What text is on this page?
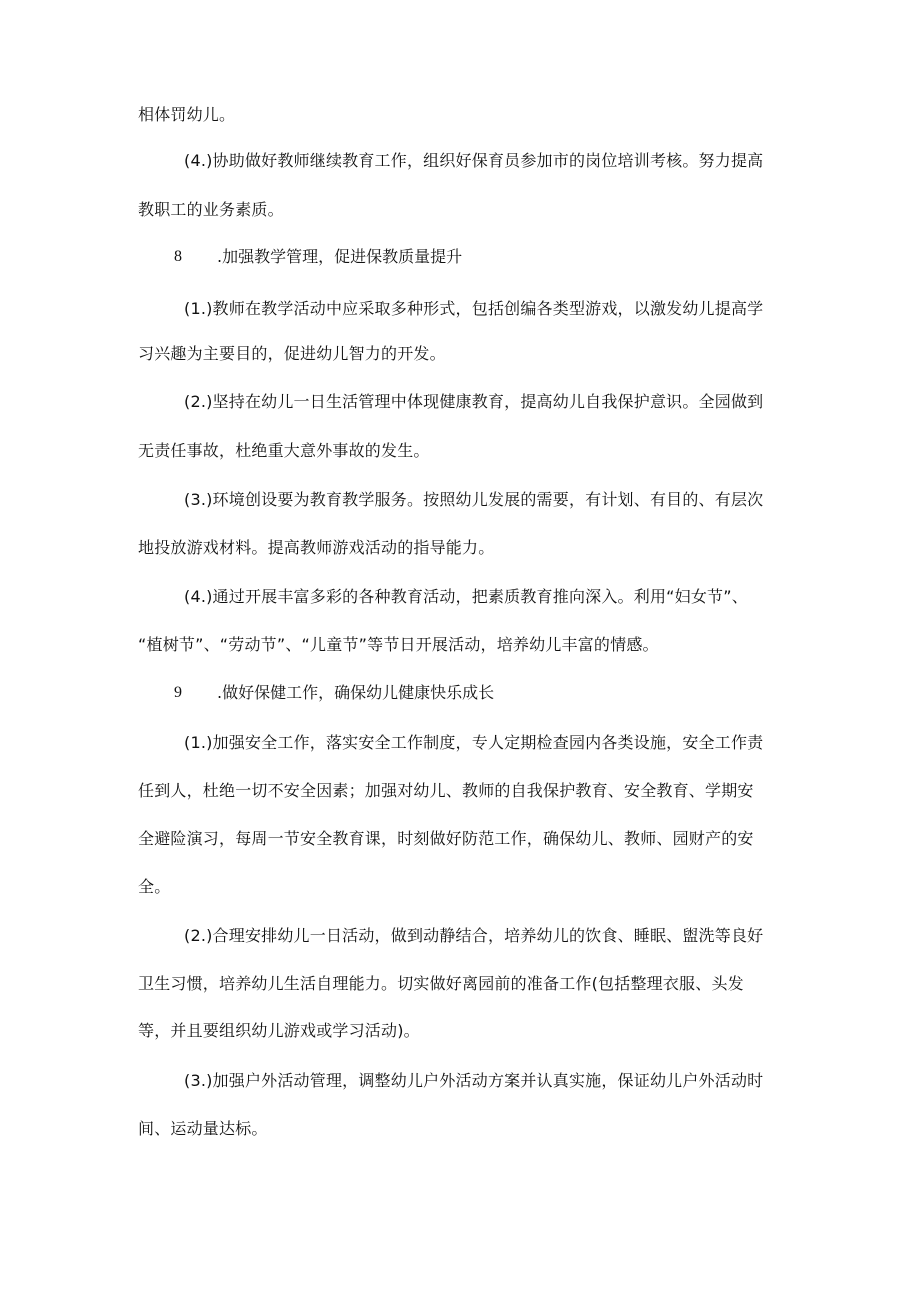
相体罚幼儿。
(4.)协助做好教师继续教育工作，组织好保育员参加市的岗位培训考核。努力提高
教职工的业务素质。
8 .加强教学管理，促进保教质量提升
(1.)教师在教学活动中应采取多种形式，包括创编各类型游戏，以激发幼儿提高学
习兴趣为主要目的，促进幼儿智力的开发。
(2.)坚持在幼儿一日生活管理中体现健康教育，提高幼儿自我保护意识。全园做到
无责任事故，杜绝重大意外事故的发生。
(3.)环境创设要为教育教学服务。按照幼儿发展的需要，有计划、有目的、有层次
地投放游戏材料。提高教师游戏活动的指导能力。
(4.)通过开展丰富多彩的各种教育活动，把素质教育推向深入。利用“妇女节”、
“植树节”、“劳动节”、“儿童节”等节日开展活动，培养幼儿丰富的情感。
9 .做好保健工作，确保幼儿健康快乐成长
(1.)加强安全工作，落实安全工作制度，专人定期检查园内各类设施，安全工作责
任到人，杜绝一切不安全因素；加强对幼儿、教师的自我保护教育、安全教育、学期安
全避险演习，每周一节安全教育课，时刻做好防范工作，确保幼儿、教师、园财产的安
全。
(2.)合理安排幼儿一日活动，做到动静结合，培养幼儿的饮食、睡眠、盥洗等良好
卫生习惯，培养幼儿生活自理能力。切实做好离园前的准备工作(包括整理衣服、头发
等，并且要组织幼儿游戏或学习活动)。
(3.)加强户外活动管理，调整幼儿户外活动方案并认真实施，保证幼儿户外活动时
间、运动量达标。
